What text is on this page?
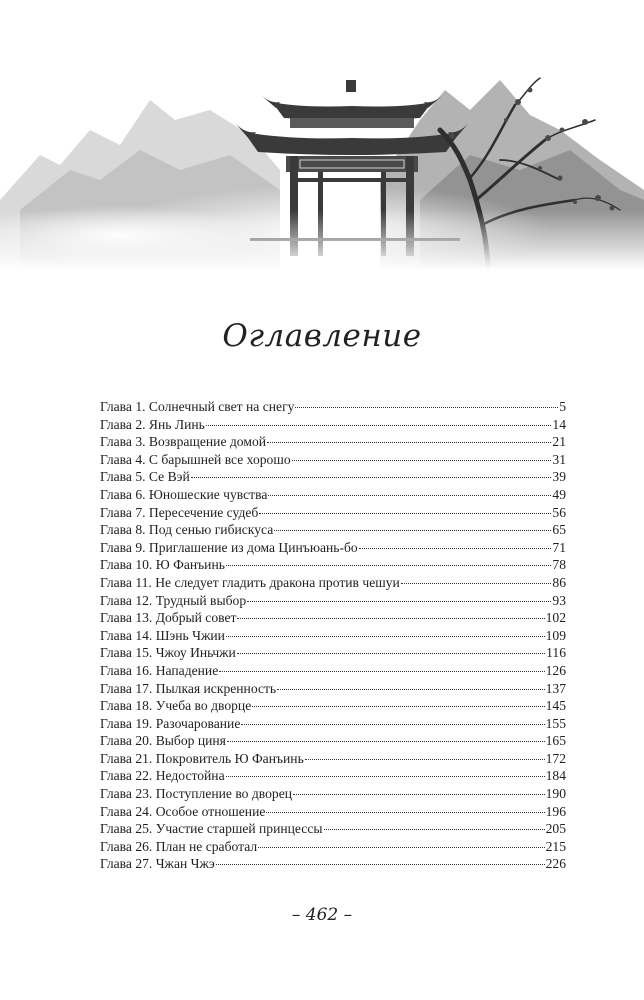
Оглавление
Глава 1. Солнечный свет на снегу	5
Глава 2. Янь Линь	14
Глава 3. Возвращение домой	21
Глава 4. С барышней все хорошо	31
Глава 5. Се Вэй	39
Глава 6. Юношеские чувства	49
Глава 7. Пересечение судеб	56
Глава 8. Под сенью гибискуса	65
Глава 9. Приглашение из дома Цинъюань-бо	71
Глава 10. Ю Фанъинь	78
Глава 11. Не следует гладить дракона против чешуи	86
Глава 12. Трудный выбор	93
Глава 13. Добрый совет	102
Глава 14. Шэнь Чжии	109
Глава 15. Чжоу Иньчжи	116
Глава 16. Нападение	126
Глава 17. Пылкая искренность	137
Глава 18. Учеба во дворце	145
Глава 19. Разочарование	155
Глава 20. Выбор циня	165
Глава 21. Покровитель Ю Фанъинь	172
Глава 22. Недостойна	184
Глава 23. Поступление во дворец	190
Глава 24. Особое отношение	196
Глава 25. Участие старшей принцессы	205
Глава 26. План не сработал	215
Глава 27. Чжан Чжэ	226
– 462 –
